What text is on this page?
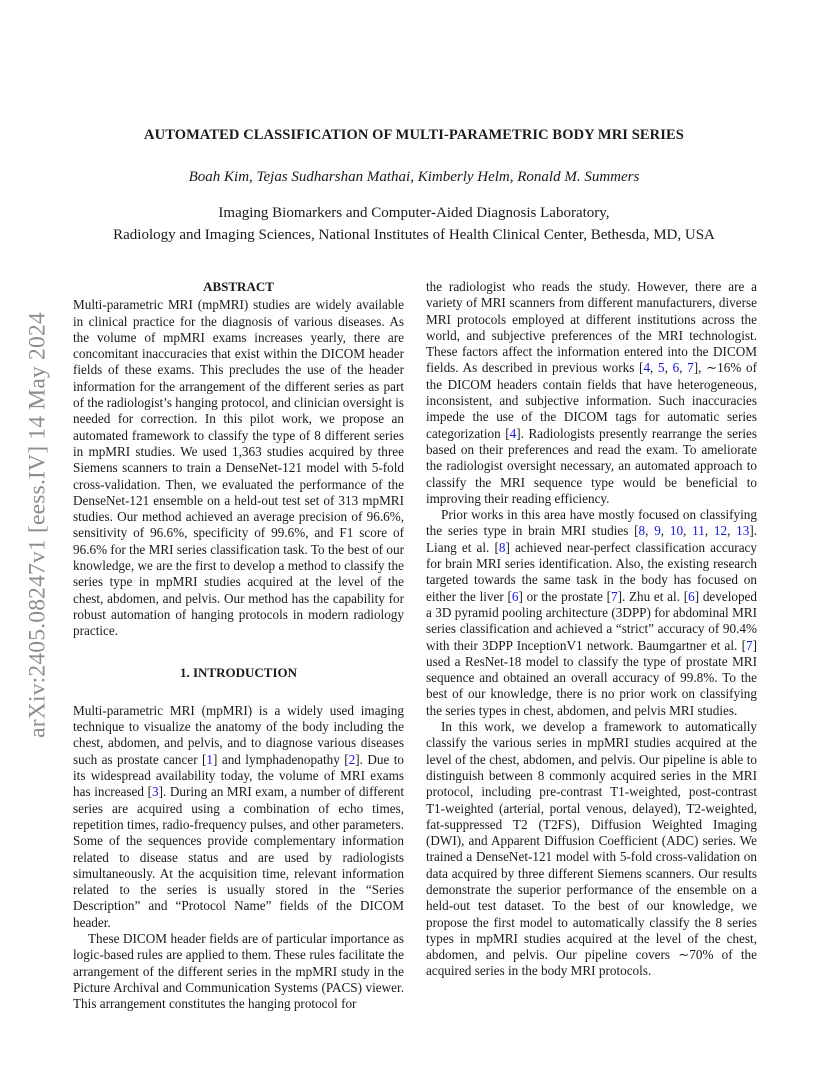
arXiv:2405.08247v1 [eess.IV] 14 May 2024
AUTOMATED CLASSIFICATION OF MULTI-PARAMETRIC BODY MRI SERIES
Boah Kim, Tejas Sudharshan Mathai, Kimberly Helm, Ronald M. Summers
Imaging Biomarkers and Computer-Aided Diagnosis Laboratory,
Radiology and Imaging Sciences, National Institutes of Health Clinical Center, Bethesda, MD, USA
ABSTRACT

Multi-parametric MRI (mpMRI) studies are widely available in clinical practice for the diagnosis of various diseases. As the volume of mpMRI exams increases yearly, there are concomitant inaccuracies that exist within the DICOM header fields of these exams. This precludes the use of the header information for the arrangement of the different series as part of the radiologist’s hanging protocol, and clinician oversight is needed for correction. In this pilot work, we propose an automated framework to classify the type of 8 different series in mpMRI studies. We used 1,363 studies acquired by three Siemens scanners to train a DenseNet-121 model with 5-fold cross-validation. Then, we evaluated the performance of the DenseNet-121 ensemble on a held-out test set of 313 mpMRI studies. Our method achieved an average precision of 96.6%, sensitivity of 96.6%, specificity of 99.6%, and F1 score of 96.6% for the MRI series classification task. To the best of our knowledge, we are the first to develop a method to classify the series type in mpMRI studies acquired at the level of the chest, abdomen, and pelvis. Our method has the capability for robust automation of hanging protocols in modern radiology practice.

1. INTRODUCTION

Multi-parametric MRI (mpMRI) is a widely used imaging technique to visualize the anatomy of the body including the chest, abdomen, and pelvis, and to diagnose various diseases such as prostate cancer [1] and lymphadenopathy [2]. Due to its widespread availability today, the volume of MRI exams has increased [3]. During an MRI exam, a number of different series are acquired using a combination of echo times, repetition times, radio-frequency pulses, and other parameters. Some of the sequences provide complementary information related to disease status and are used by radiologists simultaneously. At the acquisition time, relevant information related to the series is usually stored in the “Series Description” and “Protocol Name” fields of the DICOM header.

These DICOM header fields are of particular importance as logic-based rules are applied to them. These rules facilitate the arrangement of the different series in the mpMRI study in the Picture Archival and Communication Systems (PACS) viewer. This arrangement constitutes the hanging protocol for

the radiologist who reads the study. However, there are a variety of MRI scanners from different manufacturers, diverse MRI protocols employed at different institutions across the world, and subjective preferences of the MRI technologist. These factors affect the information entered into the DICOM fields. As described in previous works [4, 5, 6, 7], ∼16% of the DICOM headers contain fields that have heterogeneous, inconsistent, and subjective information. Such inaccuracies impede the use of the DICOM tags for automatic series categorization [4]. Radiologists presently rearrange the series based on their preferences and read the exam. To ameliorate the radiologist oversight necessary, an automated approach to classify the MRI sequence type would be beneficial to improving their reading efficiency.

Prior works in this area have mostly focused on classifying the series type in brain MRI studies [8, 9, 10, 11, 12, 13]. Liang et al. [8] achieved near-perfect classification accuracy for brain MRI series identification. Also, the existing research targeted towards the same task in the body has focused on either the liver [6] or the prostate [7]. Zhu et al. [6] developed a 3D pyramid pooling architecture (3DPP) for abdominal MRI series classification and achieved a “strict” accuracy of 90.4% with their 3DPP InceptionV1 network. Baumgartner et al. [7] used a ResNet-18 model to classify the type of prostate MRI sequence and obtained an overall accuracy of 99.8%. To the best of our knowledge, there is no prior work on classifying the series types in chest, abdomen, and pelvis MRI studies.

In this work, we develop a framework to automatically classify the various series in mpMRI studies acquired at the level of the chest, abdomen, and pelvis. Our pipeline is able to distinguish between 8 commonly acquired series in the MRI protocol, including pre-contrast T1-weighted, post-contrast T1-weighted (arterial, portal venous, delayed), T2-weighted, fat-suppressed T2 (T2FS), Diffusion Weighted Imaging (DWI), and Apparent Diffusion Coefficient (ADC) series. We trained a DenseNet-121 model with 5-fold cross-validation on data acquired by three different Siemens scanners. Our results demonstrate the superior performance of the ensemble on a held-out test dataset. To the best of our knowledge, we propose the first model to automatically classify the 8 series types in mpMRI studies acquired at the level of the chest, abdomen, and pelvis. Our pipeline covers ∼70% of the acquired series in the body MRI protocols.
